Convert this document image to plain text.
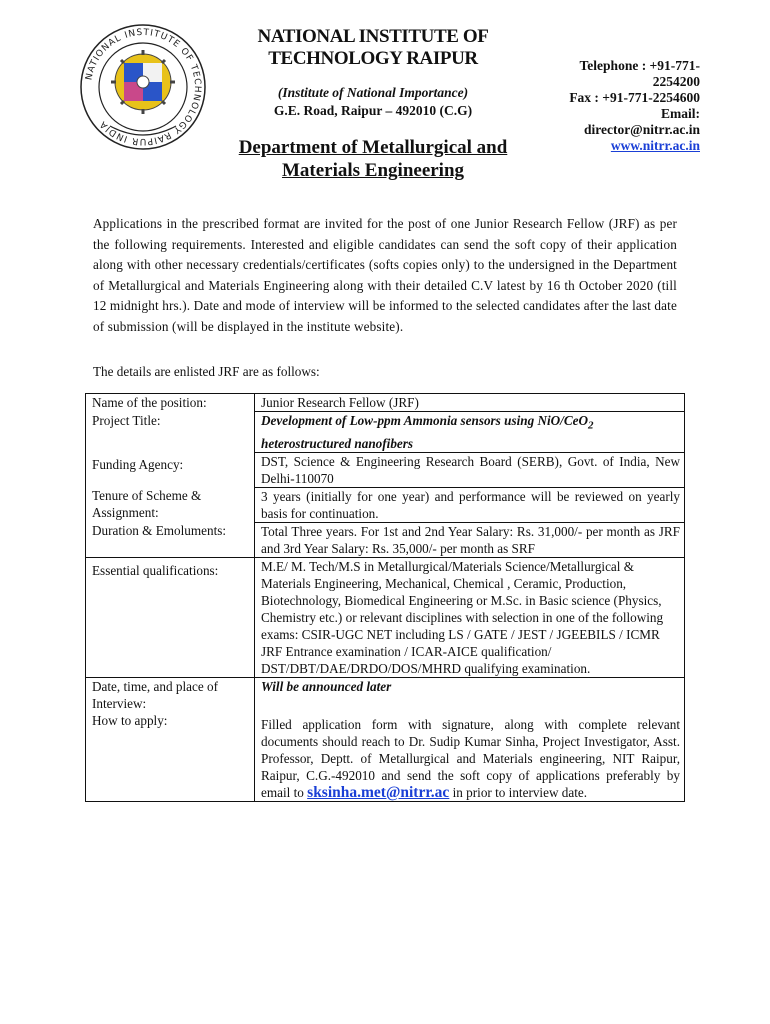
NATIONAL INSTITUTE OF TECHNOLOGY RAIPUR INDIA
NATIONAL INSTITUTE OF
TECHNOLOGY RAIPUR
(Institute of National Importance)
G.E. Road, Raipur – 492010 (C.G)
Department of Metallurgical and
Materials Engineering
Telephone : +91-771-
2254200
Fax : +91-771-2254600
Email:
director@nitrr.ac.in
www.nitrr.ac.in
Applications in the prescribed format are invited for the post of one Junior Research Fellow (JRF) as per the following requirements. Interested and eligible candidates can send the soft copy of their application along with other necessary credentials/certificates (softs copies only) to the undersigned in the Department of Metallurgical and Materials Engineering along with their detailed C.V latest by 16 th October 2020 (till 12 midnight hrs.). Date and mode of interview will be informed to the selected candidates after the last date of submission (will be displayed in the institute website).
The details are enlisted JRF are as follows:
Name of the position:	Junior Research Fellow (JRF)
Project Title:	Development of Low-ppm Ammonia sensors using NiO/CeO$_2$
heterostructured nanofibers
Funding Agency:	DST, Science & Engineering Research Board (SERB), Govt. of India, New Delhi-110070
Tenure of Scheme & Assignment:	3 years (initially for one year) and performance will be reviewed on yearly basis for continuation.
Duration & Emoluments:	Total Three years. For 1st and 2nd Year Salary: Rs. 31,000/- per month as JRF and 3rd Year Salary: Rs. 35,000/- per month as SRF
Essential qualifications:	M.E/ M. Tech/M.S in Metallurgical/Materials Science/Metallurgical & Materials Engineering, Mechanical, Chemical , Ceramic, Production, Biotechnology, Biomedical Engineering or M.Sc. in Basic science (Physics, Chemistry etc.) or relevant disciplines with selection in one of the following exams: CSIR-UGC NET including LS / GATE / JEST / JGEEBILS / ICMR JRF Entrance examination / ICAR-AICE qualification/ DST/DBT/DAE/DRDO/DOS/MHRD qualifying examination.
Date, time, and place of Interview:	Will be announced later
How to apply:	Filled application form with signature, along with complete relevant documents should reach to Dr. Sudip Kumar Sinha, Project Investigator, Asst. Professor, Deptt. of Metallurgical and Materials engineering, NIT Raipur, Raipur, C.G.-492010 and send the soft copy of applications preferably by email to sksinha.met@nitrr.ac in prior to interview date.
